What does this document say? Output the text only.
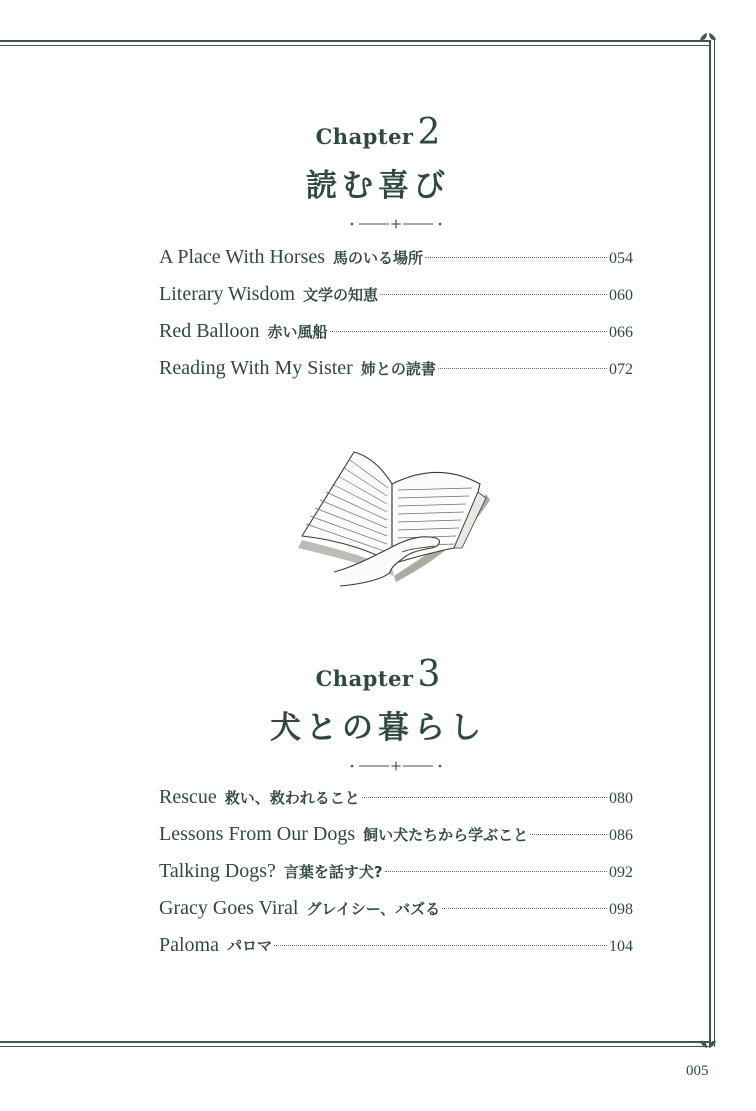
Chapter 2
読む喜び
A Place With Horses 馬のいる場所	054
Literary Wisdom 文学の知恵	060
Red Balloon 赤い風船	066
Reading With My Sister 姉との読書	072
Chapter 3
犬との暮らし
Rescue 救い、救われること	080
Lessons From Our Dogs 飼い犬たちから学ぶこと	086
Talking Dogs? 言葉を話す犬?	092
Gracy Goes Viral グレイシー、バズる	098
Paloma パロマ	104
005
